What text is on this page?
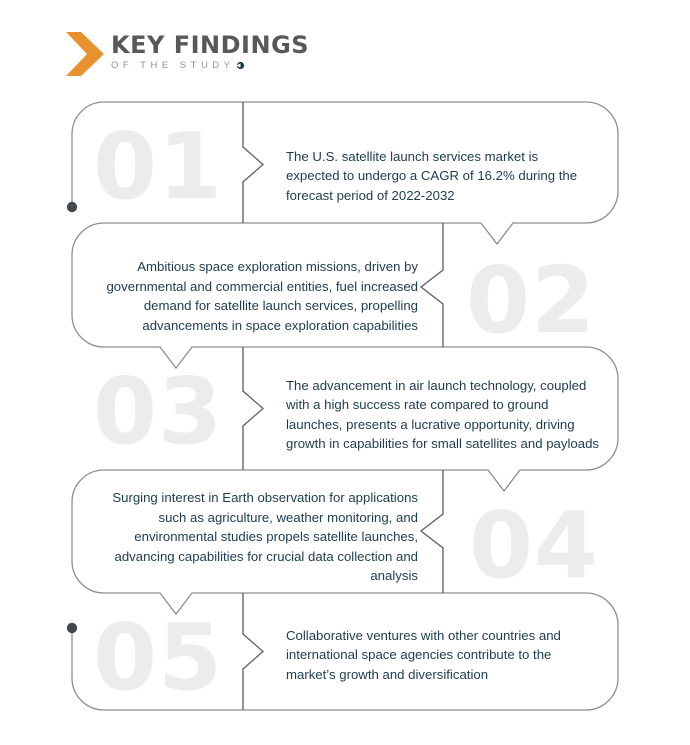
KEY FINDINGS
OF THE STUDY
01
02
03
04
05

The U.S. satellite launch services market is expected to undergo a CAGR of 16.2% during the forecast period of 2022-2032

Ambitious space exploration missions, driven by governmental and commercial entities, fuel increased demand for satellite launch services, propelling advancements in space exploration capabilities

The advancement in air launch technology, coupled with a high success rate compared to ground launches, presents a lucrative opportunity, driving growth in capabilities for small satellites and payloads

Surging interest in Earth observation for applications such as agriculture, weather monitoring, and environmental studies propels satellite launches, advancing capabilities for crucial data collection and analysis

Collaborative ventures with other countries and international space agencies contribute to the market’s growth and diversification
